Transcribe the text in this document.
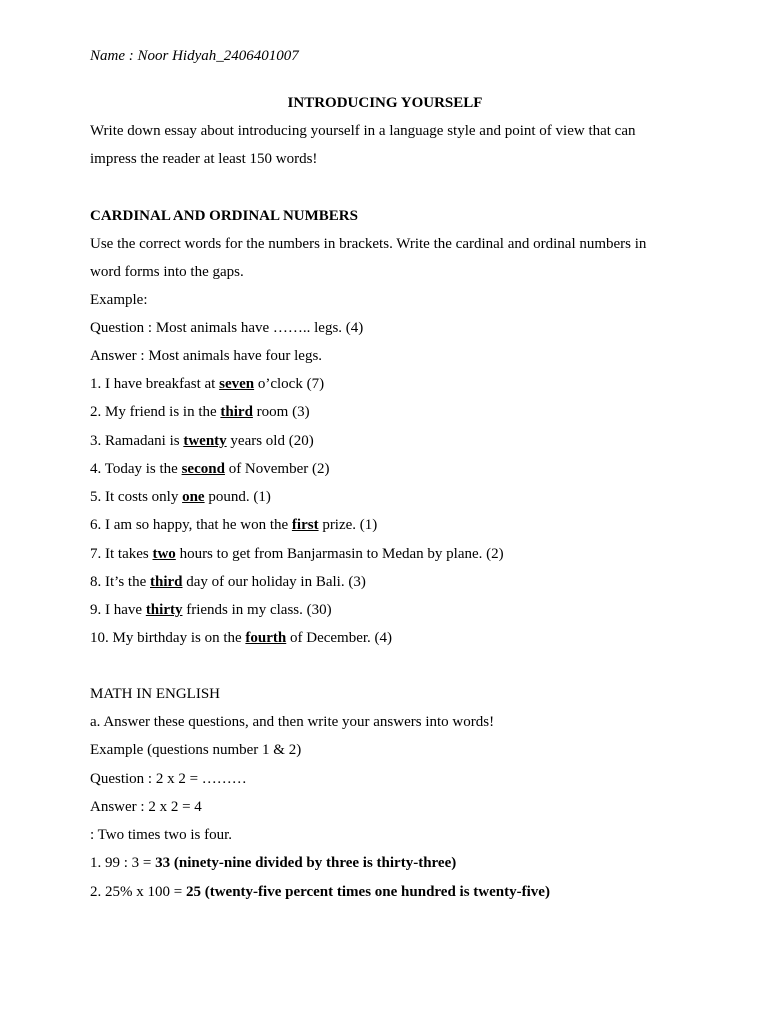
Name : Noor Hidyah_2406401007
INTRODUCING YOURSELF
Write down essay about introducing yourself in a language style and point of view that can
impress the reader at least 150 words!
CARDINAL AND ORDINAL NUMBERS
Use the correct words for the numbers in brackets. Write the cardinal and ordinal numbers in
word forms into the gaps.
Example:
Question : Most animals have …….. legs. (4)
Answer : Most animals have four legs.
1. I have breakfast at seven o’clock (7)
2. My friend is in the third room (3)
3. Ramadani is twenty years old (20)
4. Today is the second of November (2)
5. It costs only one pound. (1)
6. I am so happy, that he won the first prize. (1)
7. It takes two hours to get from Banjarmasin to Medan by plane. (2)
8. It’s the third day of our holiday in Bali. (3)
9. I have thirty friends in my class. (30)
10. My birthday is on the fourth of December. (4)
MATH IN ENGLISH
a. Answer these questions, and then write your answers into words!
Example (questions number 1 & 2)
Question : 2 x 2 = ………
Answer : 2 x 2 = 4
: Two times two is four.
1. 99 : 3 = 33 (ninety-nine divided by three is thirty-three)
2. 25% x 100 = 25 (twenty-five percent times one hundred is twenty-five)
